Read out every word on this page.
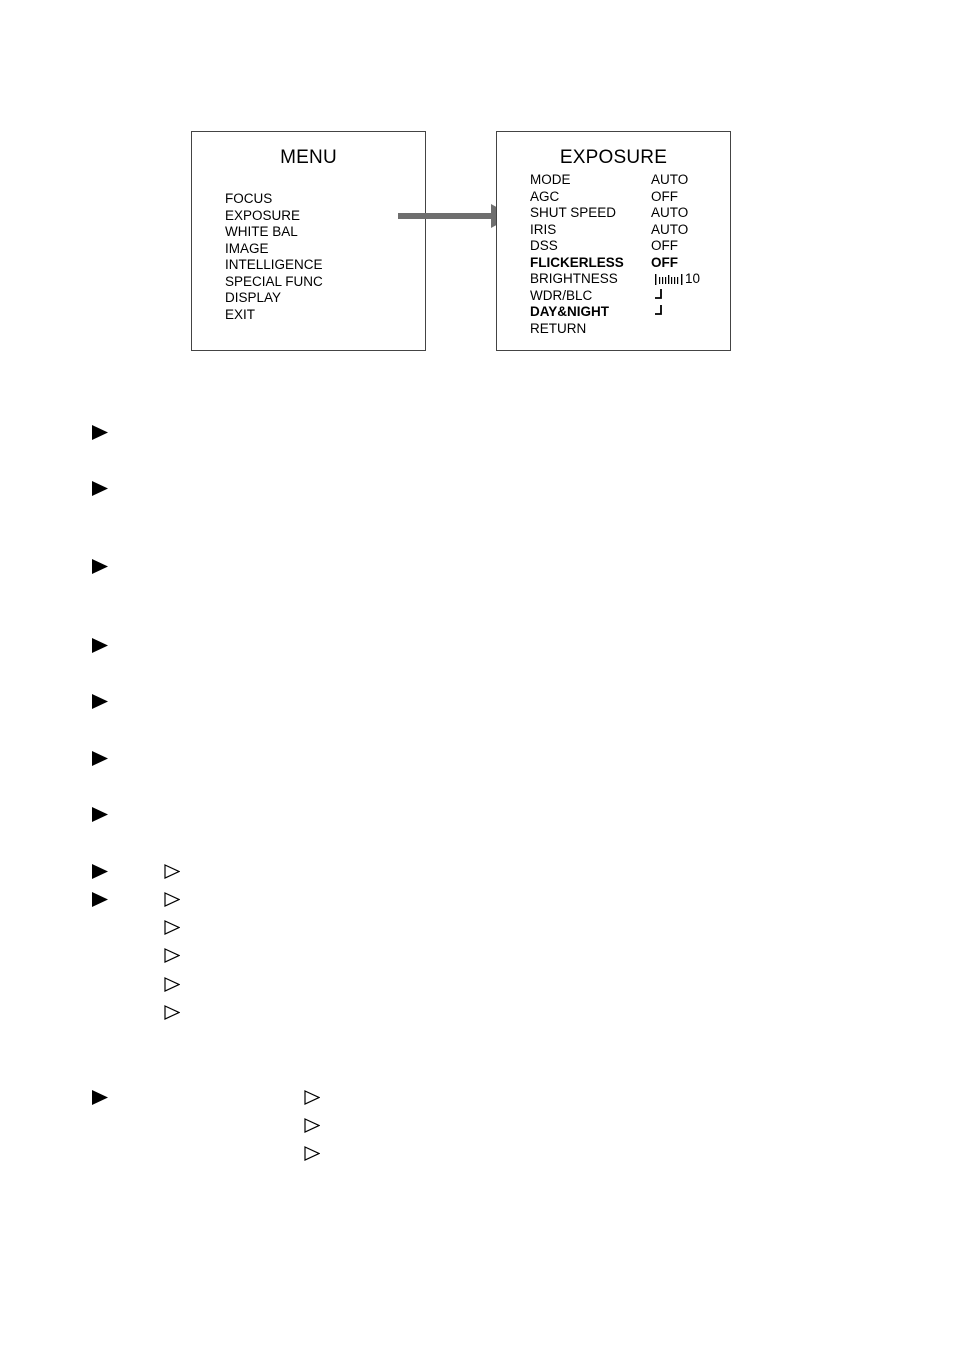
MENU
FOCUS
EXPOSURE
WHITE BAL
IMAGE
INTELLIGENCE
SPECIAL FUNC
DISPLAY
EXIT
EXPOSURE
MODE	AUTO
AGC	OFF
SHUT SPEED	AUTO
IRIS	AUTO
DSS	OFF
FLICKERLESS OFF
BRIGHTNESS	10
WDR/BLC
DAY&NIGHT
RETURN
